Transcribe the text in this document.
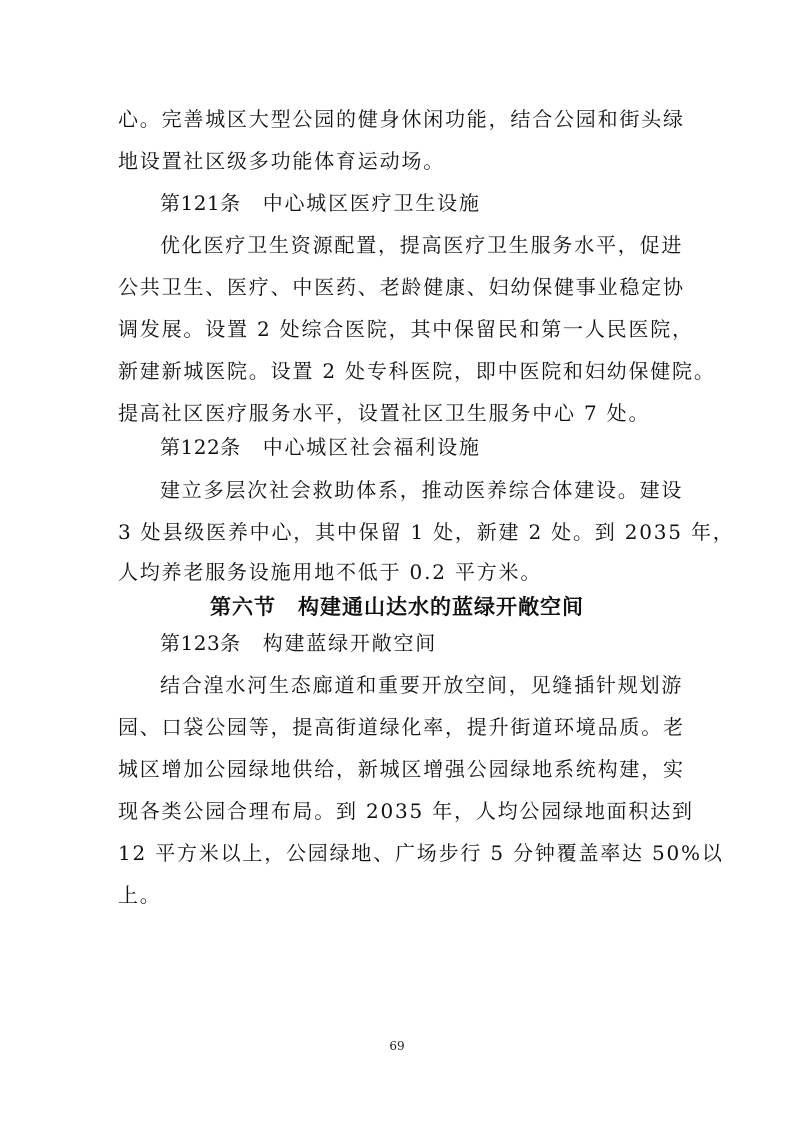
心。完善城区大型公园的健身休闲功能，结合公园和街头绿
地设置社区级多功能体育运动场。
第121条 中心城区医疗卫生设施
优化医疗卫生资源配置，提高医疗卫生服务水平，促进
公共卫生、医疗、中医药、老龄健康、妇幼保健事业稳定协
调发展。设置 2 处综合医院，其中保留民和第一人民医院，
新建新城医院。设置 2 处专科医院，即中医院和妇幼保健院。
提高社区医疗服务水平，设置社区卫生服务中心 7 处。
第122条 中心城区社会福利设施
建立多层次社会救助体系，推动医养综合体建设。建设
3 处县级医养中心，其中保留 1 处，新建 2 处。到 2035 年，
人均养老服务设施用地不低于 0.2 平方米。
第六节　构建通山达水的蓝绿开敞空间
第123条 构建蓝绿开敞空间
结合湟水河生态廊道和重要开放空间，见缝插针规划游
园、口袋公园等，提高街道绿化率，提升街道环境品质。老
城区增加公园绿地供给，新城区增强公园绿地系统构建，实
现各类公园合理布局。到 2035 年，人均公园绿地面积达到
12 平方米以上，公园绿地、广场步行 5 分钟覆盖率达 50%以
上。
69
